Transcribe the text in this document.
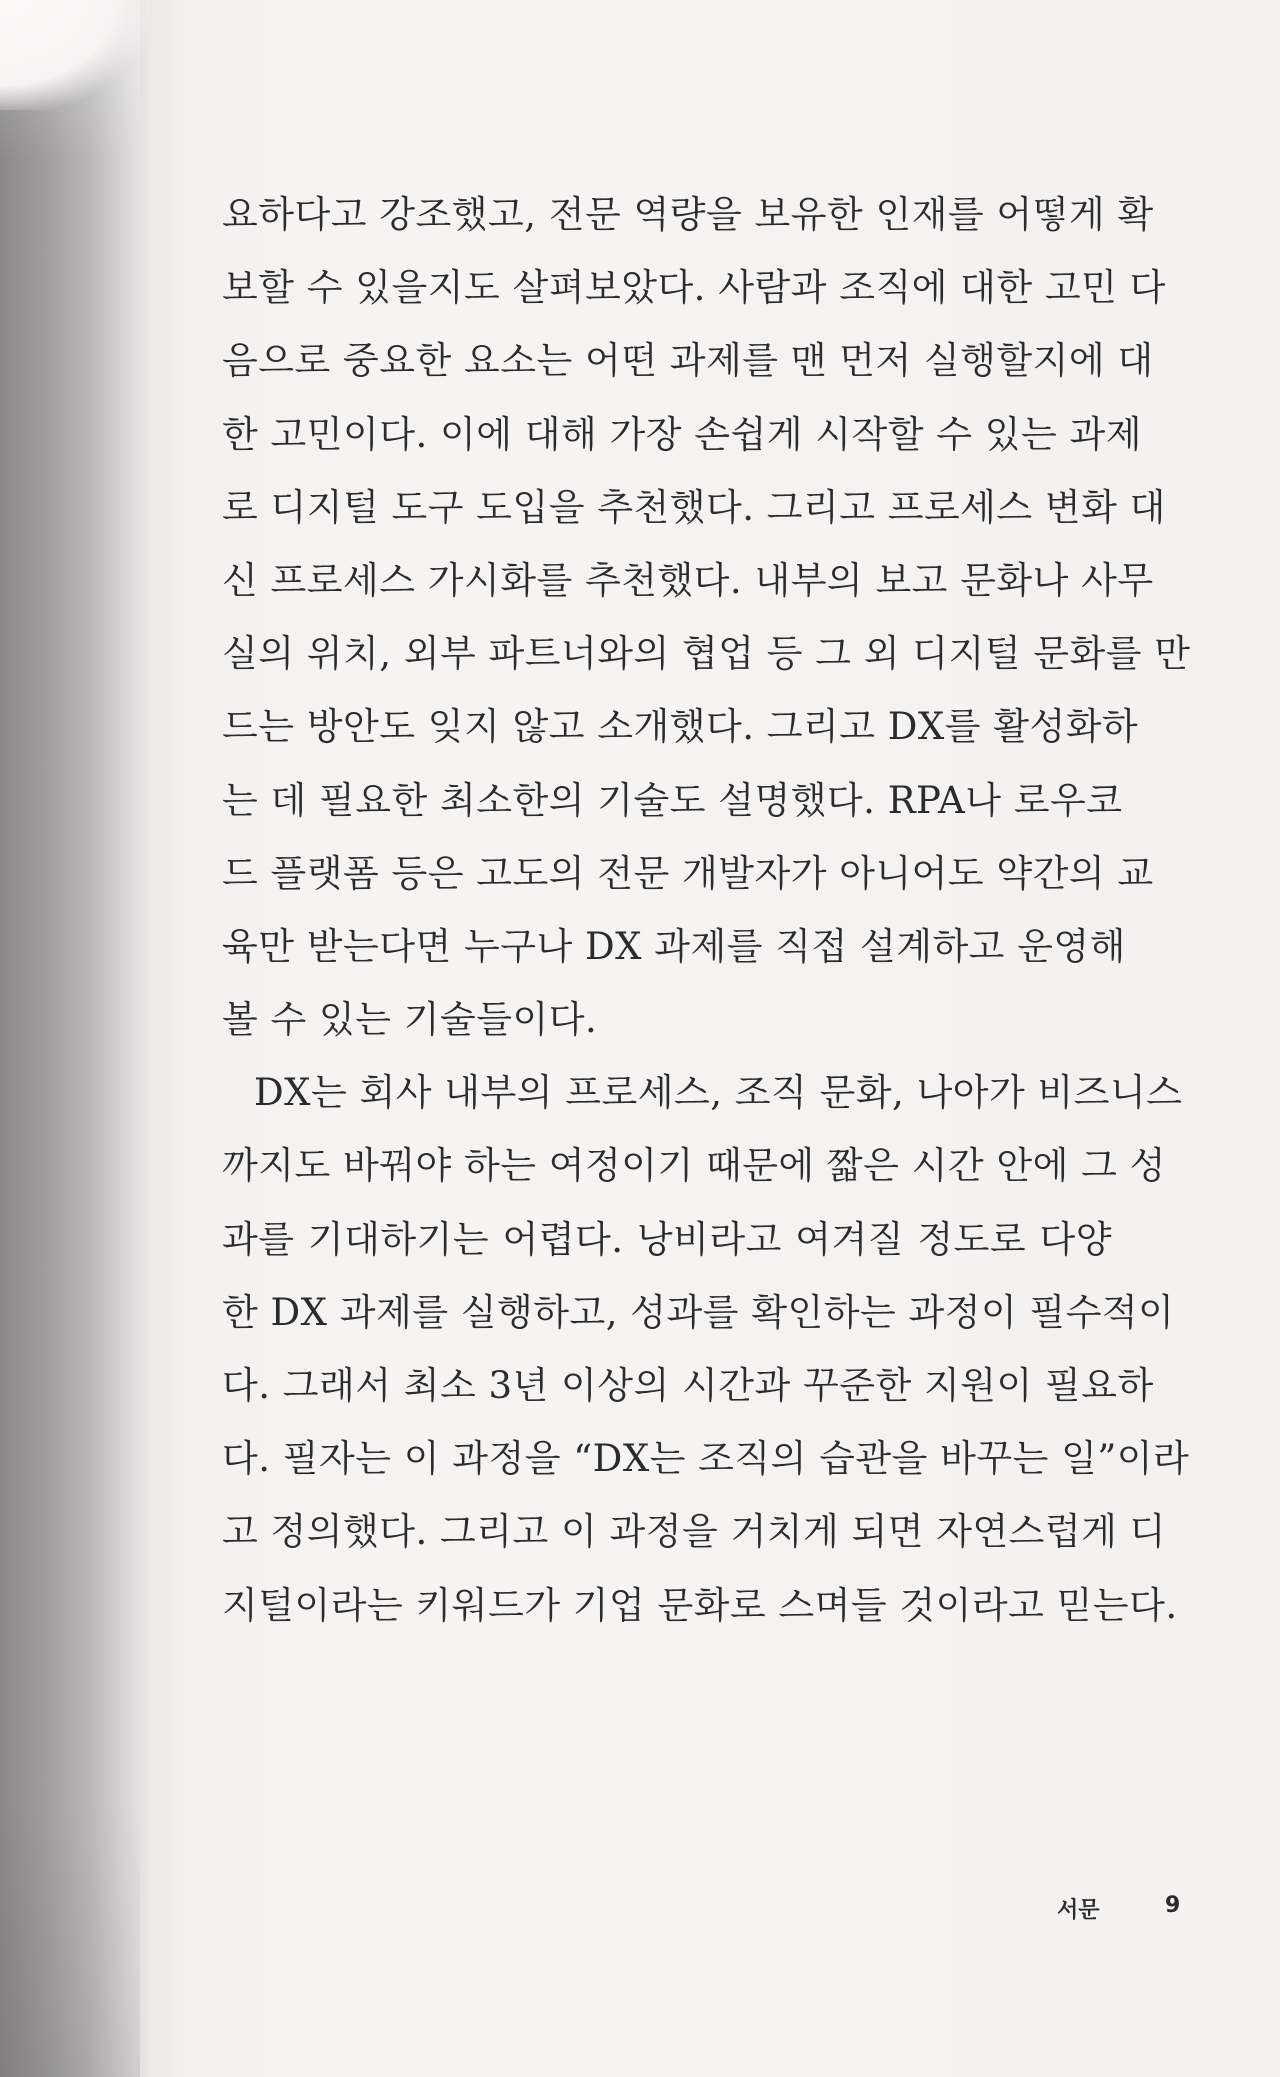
요하다고 강조했고, 전문 역량을 보유한 인재를 어떻게 확
보할 수 있을지도 살펴보았다. 사람과 조직에 대한 고민 다
음으로 중요한 요소는 어떤 과제를 맨 먼저 실행할지에 대
한 고민이다. 이에 대해 가장 손쉽게 시작할 수 있는 과제
로 디지털 도구 도입을 추천했다. 그리고 프로세스 변화 대
신 프로세스 가시화를 추천했다. 내부의 보고 문화나 사무
실의 위치, 외부 파트너와의 협업 등 그 외 디지털 문화를 만
드는 방안도 잊지 않고 소개했다. 그리고 DX를 활성화하
는 데 필요한 최소한의 기술도 설명했다. RPA나 로우코
드 플랫폼 등은 고도의 전문 개발자가 아니어도 약간의 교
육만 받는다면 누구나 DX 과제를 직접 설계하고 운영해
볼 수 있는 기술들이다.
DX는 회사 내부의 프로세스, 조직 문화, 나아가 비즈니스
까지도 바꿔야 하는 여정이기 때문에 짧은 시간 안에 그 성
과를 기대하기는 어렵다. 낭비라고 여겨질 정도로 다양
한 DX 과제를 실행하고, 성과를 확인하는 과정이 필수적이
다. 그래서 최소 3년 이상의 시간과 꾸준한 지원이 필요하
다. 필자는 이 과정을 “DX는 조직의 습관을 바꾸는 일”이라
고 정의했다. 그리고 이 과정을 거치게 되면 자연스럽게 디
지털이라는 키워드가 기업 문화로 스며들 것이라고 믿는다.
서문	9
